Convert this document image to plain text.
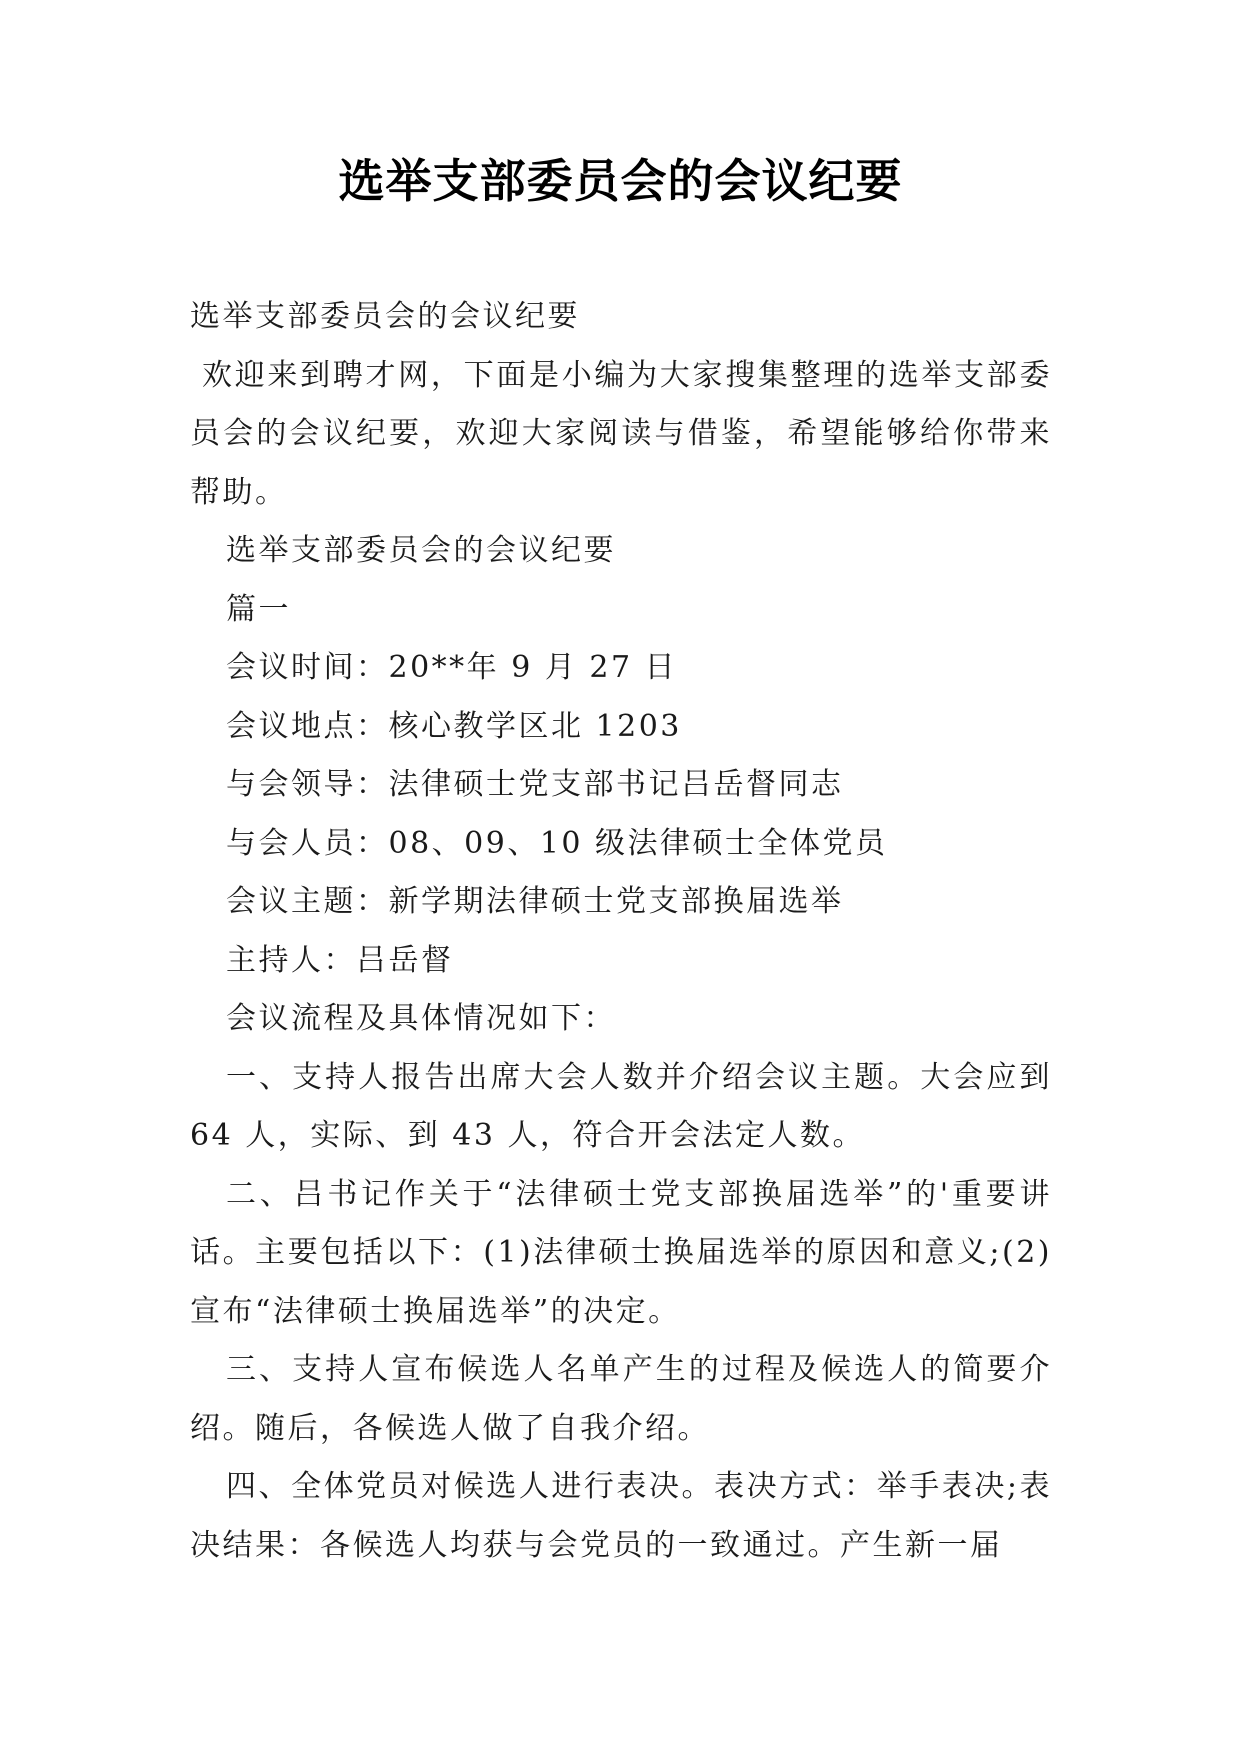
选举支部委员会的会议纪要

选举支部委员会的会议纪要

欢迎来到聘才网，下面是小编为大家搜集整理的选举支部委员会的会议纪要，欢迎大家阅读与借鉴，希望能够给你带来帮助。

选举支部委员会的会议纪要

篇一

会议时间：20**年 9 月 27 日

会议地点：核心教学区北 1203

与会领导：法律硕士党支部书记吕岳督同志

与会人员：08、09、10 级法律硕士全体党员

会议主题：新学期法律硕士党支部换届选举

主持人：吕岳督

会议流程及具体情况如下：

一、支持人报告出席大会人数并介绍会议主题。大会应到 64 人，实际、到 43 人，符合开会法定人数。

二、吕书记作关于“法律硕士党支部换届选举”的'重要讲话。主要包括以下：(1)法律硕士换届选举的原因和意义;(2)宣布“法律硕士换届选举”的决定。

三、支持人宣布候选人名单产生的过程及候选人的简要介绍。随后，各候选人做了自我介绍。

四、全体党员对候选人进行表决。表决方式：举手表决;表决结果：各候选人均获与会党员的一致通过。产生新一届
